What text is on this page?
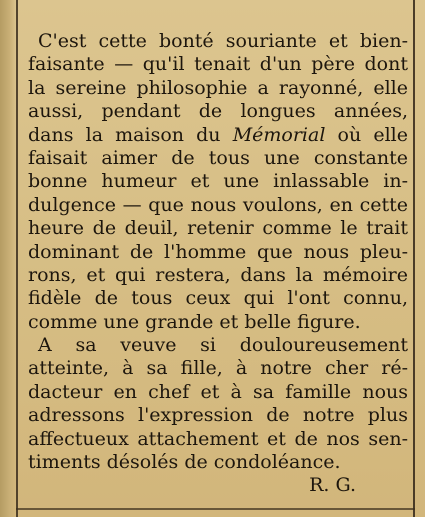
C'est cette bonté souriante et bien-
faisante — qu'il tenait d'un père dont
la sereine philosophie a rayonné, elle
aussi, pendant de longues années,
dans la maison du Mémorial où elle
faisait aimer de tous une constante
bonne humeur et une inlassable in-
dulgence — que nous voulons, en cette
heure de deuil, retenir comme le trait
dominant de l'homme que nous pleu-
rons, et qui restera, dans la mémoire
fidèle de tous ceux qui l'ont connu,
comme une grande et belle figure.
A sa veuve si douloureusement
atteinte, à sa fille, à notre cher ré-
dacteur en chef et à sa famille nous
adressons l'expression de notre plus
affectueux attachement et de nos sen-
timents désolés de condoléance.
R. G.
